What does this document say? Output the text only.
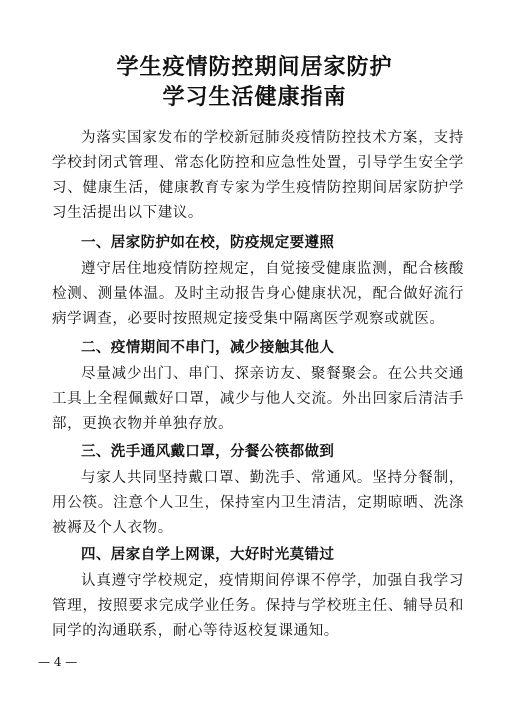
学生疫情防控期间居家防护
学习生活健康指南
为落实国家发布的学校新冠肺炎疫情防控技术方案，支持学校封闭式管理、常态化防控和应急性处置，引导学生安全学习、健康生活，健康教育专家为学生疫情防控期间居家防护学习生活提出以下建议。
一、居家防护如在校，防疫规定要遵照
遵守居住地疫情防控规定，自觉接受健康监测，配合核酸检测、测量体温。及时主动报告身心健康状况，配合做好流行病学调查，必要时按照规定接受集中隔离医学观察或就医。
二、疫情期间不串门，减少接触其他人
尽量减少出门、串门、探亲访友、聚餐聚会。在公共交通工具上全程佩戴好口罩，减少与他人交流。外出回家后清洁手部，更换衣物并单独存放。
三、洗手通风戴口罩，分餐公筷都做到
与家人共同坚持戴口罩、勤洗手、常通风。坚持分餐制，用公筷。注意个人卫生，保持室内卫生清洁，定期晾晒、洗涤被褥及个人衣物。
四、居家自学上网课，大好时光莫错过
认真遵守学校规定，疫情期间停课不停学，加强自我学习管理，按照要求完成学业任务。保持与学校班主任、辅导员和同学的沟通联系，耐心等待返校复课通知。
— 4 —
